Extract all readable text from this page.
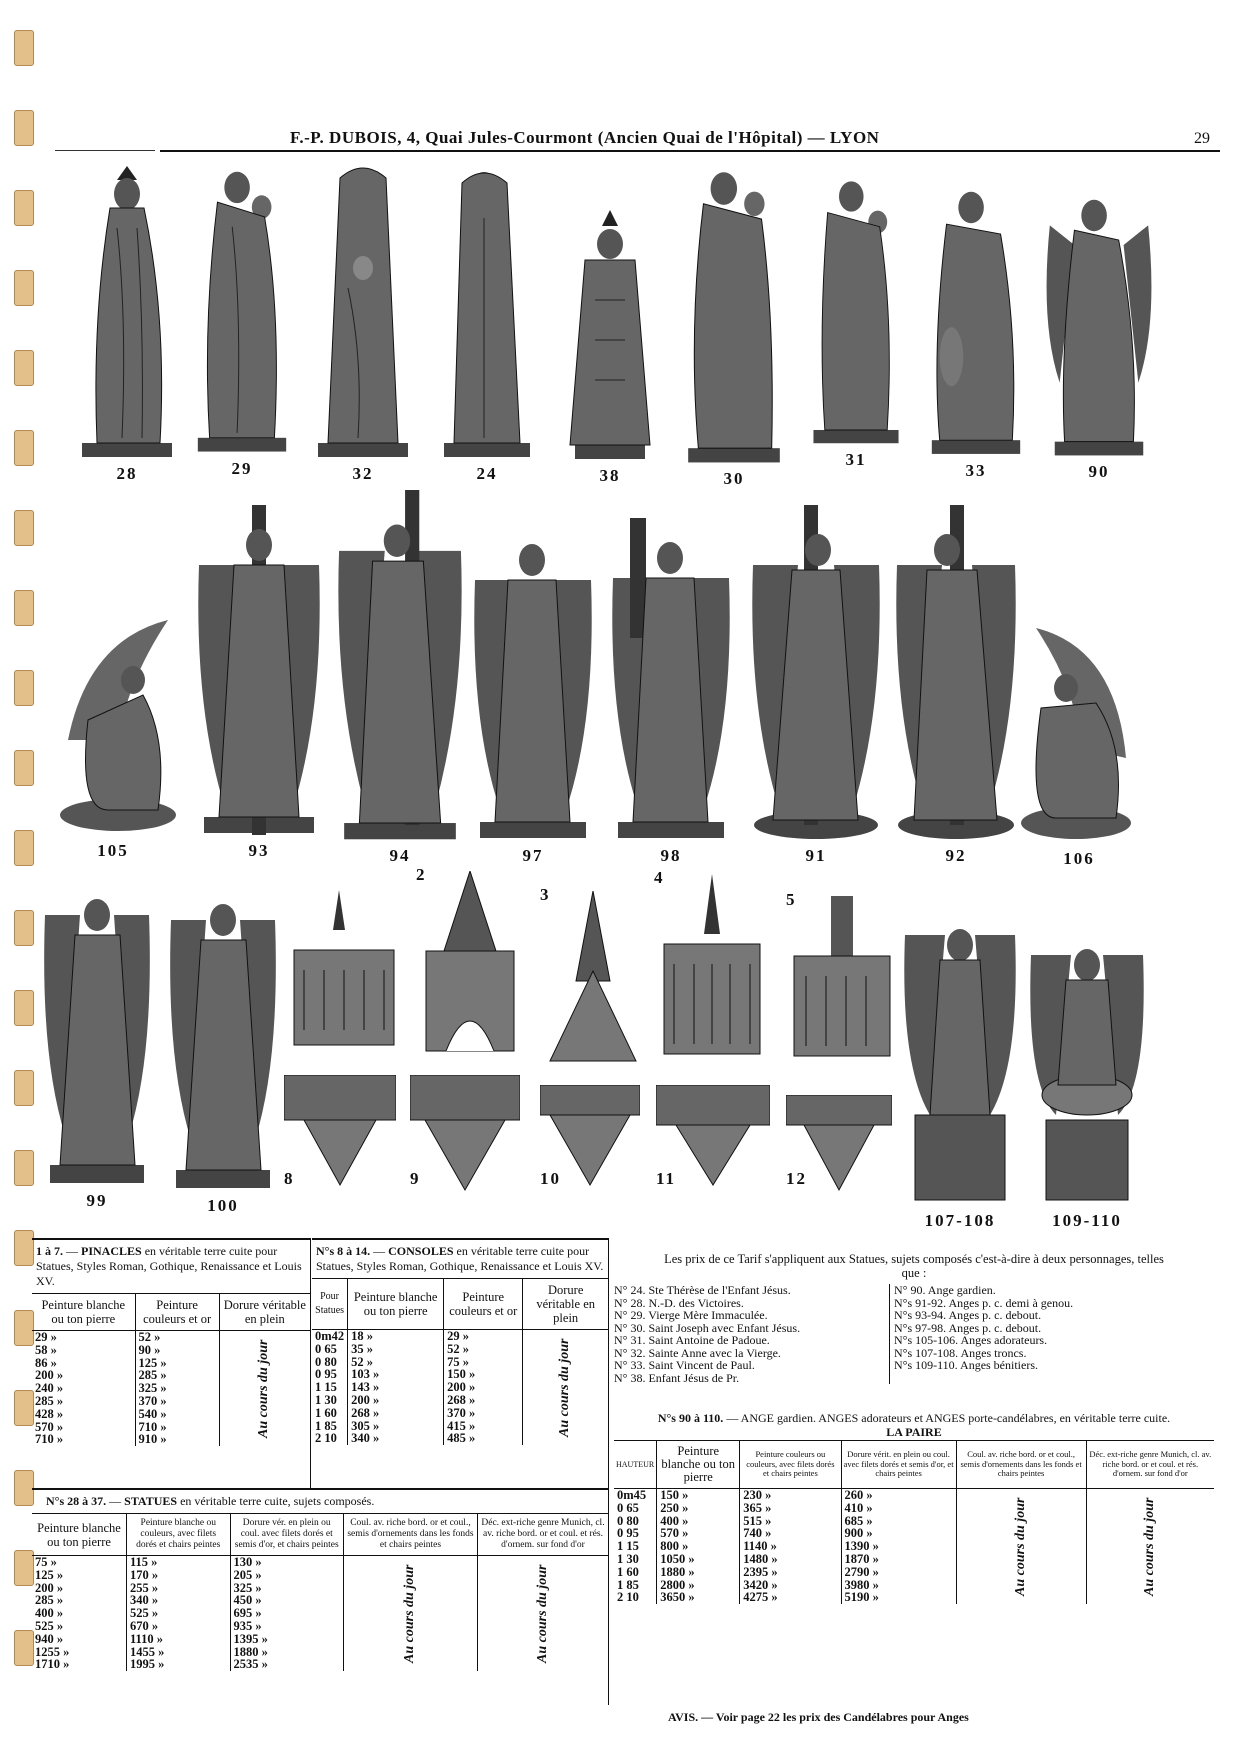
F.-P. DUBOIS, 4, Quai Jules-Courmont (Ancien Quai de l'Hôpital) — LYON	29
28	29	32	24	38	30
31
33	90
105	93	94	97	98	91	92	106
99	100
2
3
4
5
8	9	10	11	12
107-108	109-110
1 à 7. — PINACLES en véritable terre cuite pour Statues, Styles Roman, Gothique, Renaissance et Louis XV.
Peinture blanche ou ton pierre	Peinture couleurs et or	Dorure véritable en plein
29 »	52 »	Au cours du jour

58 »	90 »	
86 »	125 »	
200 »	285 »	
240 »	325 »	
285 »	370 »	
428 »	540 »	
570 »	710 »	
710 »	910 »	
N°s 8 à 14. — CONSOLES en véritable terre cuite pour Statues, Styles Roman, Gothique, Renaissance et Louis XV.
Pour Statues	Peinture blanche ou ton pierre	Peinture couleurs et or	Dorure véritable en plein
0m42	18 »	29 »	Au cours du jour

0 65	35 »	52 »	
0 80	52 »	75 »	
0 95	103 »	150 »	
1 15	143 »	200 »	
1 30	200 »	268 »	
1 60	268 »	370 »	
1 85	305 »	415 »	
2 10	340 »	485 »	
N°s 28 à 37. — STATUES en véritable terre cuite, sujets composés.
Peinture blanche ou ton pierre	Peinture blanche ou couleurs, avec filets dorés et chairs peintes	Dorure vér. en plein ou coul. avec filets dorés et semis d'or, et chairs peintes	Coul. av. riche bord. or et coul., semis d'ornements dans les fonds et chairs peintes	Déc. ext-riche genre Munich, cl. av. riche bord. or et coul. et rés. d'ornem. sur fond d'or
75 »	115 »	130 »	Au cours du jour	Au cours du jour

125 »	170 »	205 »		
200 »	255 »	325 »		
285 »	340 »	450 »		
400 »	525 »	695 »		
525 »	670 »	935 »		
940 »	1110 »	1395 »		
1255 »	1455 »	1880 »		
1710 »	1995 »	2535 »		
Les prix de ce Tarif s'appliquent aux Statues, sujets composés c'est-à-dire à deux personnages, telles que :
N° 24. Ste Thérèse de l'Enfant Jésus.
N° 28. N.-D. des Victoires.
N° 29. Vierge Mère Immaculée.
N° 30. Saint Joseph avec Enfant Jésus.
N° 31. Saint Antoine de Padoue.
N° 32. Sainte Anne avec la Vierge.
N° 33. Saint Vincent de Paul.
N° 38. Enfant Jésus de Pr.
N° 90. Ange gardien.
N°s 91-92. Anges p. c. demi à genou.
N°s 93-94. Anges p. c. debout.
N°s 97-98. Anges p. c. debout.
N°s 105-106. Anges adorateurs.
N°s 107-108. Anges troncs.
N°s 109-110. Anges bénitiers.
N°s 90 à 110. — ANGE gardien. ANGES adorateurs et ANGES porte-candélabres, en véritable terre cuite.
LA PAIRE
HAUTEUR	Peinture blanche ou ton pierre	Peinture couleurs ou couleurs, avec filets dorés et chairs peintes	Dorure vérit. en plein ou coul. avec filets dorés et semis d'or, et chairs peintes	Coul. av. riche bord. or et coul., semis d'ornements dans les fonds et chairs peintes	Déc. ext-riche genre Munich, cl. av. riche bord. or et coul. et rés. d'ornem. sur fond d'or
0m45	150 »	230 »	260 »	Au cours du jour	Au cours du jour

0 65	250 »	365 »	410 »		
0 80	400 »	515 »	685 »		
0 95	570 »	740 »	900 »		
1 15	800 »	1140 »	1390 »		
1 30	1050 »	1480 »	1870 »		
1 60	1880 »	2395 »	2790 »		
1 85	2800 »	3420 »	3980 »		
2 10	3650 »	4275 »	5190 »		
AVIS. — Voir page 22 les prix des Candélabres pour Anges
